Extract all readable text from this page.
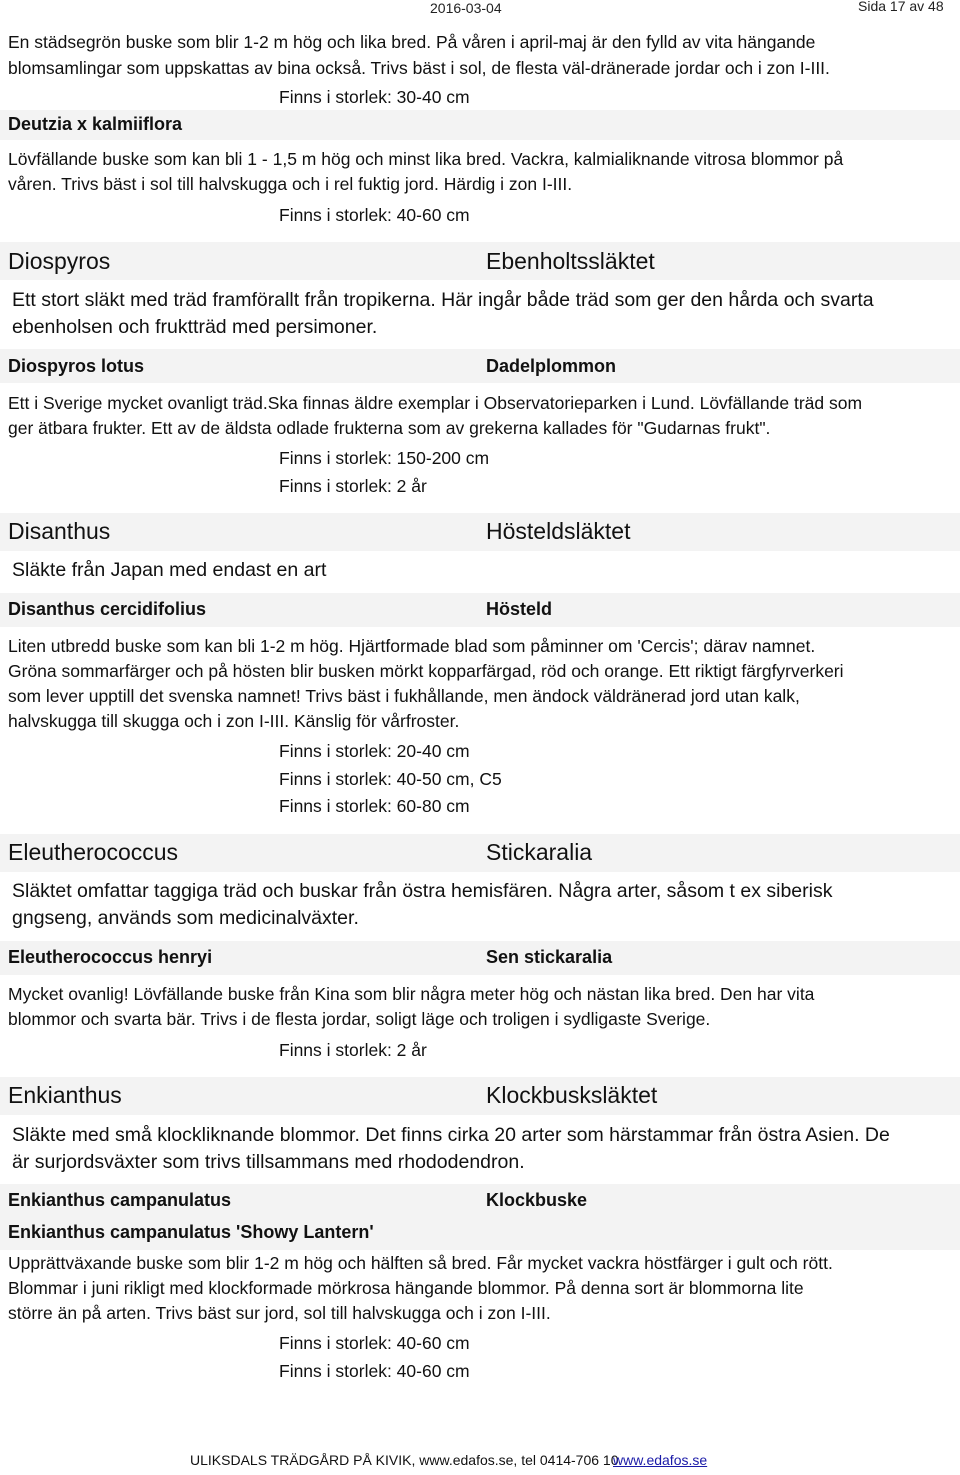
2016-03-04	Sida 17 av 48
En städsegrön buske som blir 1-2 m hög och lika bred. På våren i april-maj är den fylld av vita hängande
blomsamlingar som uppskattas av bina också. Trivs bäst i sol, de flesta väl-dränerade jordar och i zon I-III.
Finns i storlek: 30-40 cm
Deutzia x kalmiiflora
Lövfällande buske som kan bli 1 - 1,5 m hög och minst lika bred. Vackra, kalmialiknande vitrosa blommor på
våren. Trivs bäst i sol till halvskugga och i rel fuktig jord. Härdig i zon I-III.
Finns i storlek: 40-60 cm
Diospyros	Ebenholtssläktet
Ett stort släkt med träd framförallt från tropikerna. Här ingår både träd som ger den hårda och svarta
ebenholsen och fruktträd med persimoner.
Diospyros lotus	Dadelplommon
Ett i Sverige mycket ovanligt träd.Ska finnas äldre exemplar i Observatorieparken i Lund. Lövfällande träd som
ger ätbara frukter. Ett av de äldsta odlade frukterna som av grekerna kallades för "Gudarnas frukt".
Finns i storlek: 150-200 cm
Finns i storlek: 2 år
Disanthus	Hösteldsläktet
Släkte från Japan med endast en art
Disanthus cercidifolius	Hösteld
Liten utbredd buske som kan bli 1-2 m hög. Hjärtformade blad som påminner om 'Cercis'; därav namnet.
Gröna sommarfärger och på hösten blir busken mörkt kopparfärgad, röd och orange. Ett riktigt färgfyrverkeri
som lever upptill det svenska namnet! Trivs bäst i fukhållande, men ändock väldränerad jord utan kalk,
halvskugga till skugga och i zon I-III. Känslig för vårfroster.
Finns i storlek: 20-40 cm
Finns i storlek: 40-50 cm, C5
Finns i storlek: 60-80 cm
Eleutherococcus	Stickaralia
Släktet omfattar taggiga träd och buskar från östra hemisfären. Några arter, såsom t ex siberisk
gngseng, används som medicinalväxter.
Eleutherococcus henryi	Sen stickaralia
Mycket ovanlig! Lövfällande buske från Kina som blir några meter hög och nästan lika bred. Den har vita
blommor och svarta bär. Trivs i de flesta jordar, soligt läge och troligen i sydligaste Sverige.
Finns i storlek: 2 år
Enkianthus	Klockbusksläktet
Släkte med små klockliknande blommor. Det finns cirka 20 arter som härstammar från östra Asien. De
är surjordsväxter som trivs tillsammans med rhododendron.
Enkianthus campanulatus	Klockbuske
Enkianthus campanulatus 'Showy Lantern'
Upprättväxande buske som blir 1-2 m hög och hälften så bred. Får mycket vackra höstfärger i gult och rött.
Blommar i juni rikligt med klockformade mörkrosa hängande blommor. På denna sort är blommorna lite
större än på arten. Trivs bäst sur jord, sol till halvskugga och i zon I-III.
Finns i storlek: 40-60 cm
Finns i storlek: 40-60 cm
ULIKSDALS TRÄDGÅRD PÅ KIVIK, www.edafos.se, tel 0414-706 10
www.edafos.se
